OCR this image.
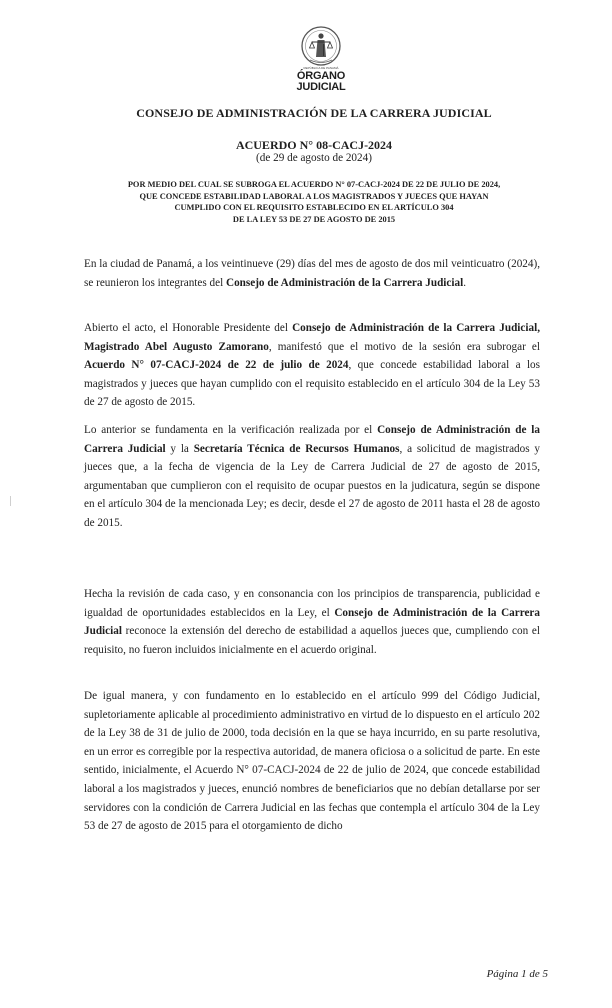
REPÚBLICA DE PANAMÁ
ÓRGANO
JUDICIAL
CONSEJO DE ADMINISTRACIÓN DE LA CARRERA JUDICIAL
ACUERDO N° 08-CACJ-2024
(de 29 de agosto de 2024)
POR MEDIO DEL CUAL SE SUBROGA EL ACUERDO N° 07-CACJ-2024 DE 22 DE JULIO DE 2024,
QUE CONCEDE ESTABILIDAD LABORAL A LOS MAGISTRADOS Y JUECES QUE HAYAN
CUMPLIDO CON EL REQUISITO ESTABLECIDO EN EL ARTÍCULO 304
DE LA LEY 53 DE 27 DE AGOSTO DE 2015

En la ciudad de Panamá, a los veintinueve (29) días del mes de agosto de dos mil veinticuatro (2024), se reunieron los integrantes del Consejo de Administración de la Carrera Judicial.

Abierto el acto, el Honorable Presidente del Consejo de Administración de la Carrera Judicial, Magistrado Abel Augusto Zamorano, manifestó que el motivo de la sesión era subrogar el Acuerdo N° 07-CACJ-2024 de 22 de julio de 2024, que concede estabilidad laboral a los magistrados y jueces que hayan cumplido con el requisito establecido en el artículo 304 de la Ley 53 de 27 de agosto de 2015.

Lo anterior se fundamenta en la verificación realizada por el Consejo de Administración de la Carrera Judicial y la Secretaría Técnica de Recursos Humanos, a solicitud de magistrados y jueces que, a la fecha de vigencia de la Ley de Carrera Judicial de 27 de agosto de 2015, argumentaban que cumplieron con el requisito de ocupar puestos en la judicatura, según se dispone en el artículo 304 de la mencionada Ley; es decir, desde el 27 de agosto de 2011 hasta el 28 de agosto de 2015.

Hecha la revisión de cada caso, y en consonancia con los principios de transparencia, publicidad e igualdad de oportunidades establecidos en la Ley, el Consejo de Administración de la Carrera Judicial reconoce la extensión del derecho de estabilidad a aquellos jueces que, cumpliendo con el requisito, no fueron incluidos inicialmente en el acuerdo original.

De igual manera, y con fundamento en lo establecido en el artículo 999 del Código Judicial, supletoriamente aplicable al procedimiento administrativo en virtud de lo dispuesto en el artículo 202 de la Ley 38 de 31 de julio de 2000, toda decisión en la que se haya incurrido, en su parte resolutiva, en un error es corregible por la respectiva autoridad, de manera oficiosa o a solicitud de parte. En este sentido, inicialmente, el Acuerdo N° 07-CACJ-2024 de 22 de julio de 2024, que concede estabilidad laboral a los magistrados y jueces, enunció nombres de beneficiarios que no debían detallarse por ser servidores con la condición de Carrera Judicial en las fechas que contempla el artículo 304 de la Ley 53 de 27 de agosto de 2015 para el otorgamiento de dicho

Página 1 de 5
